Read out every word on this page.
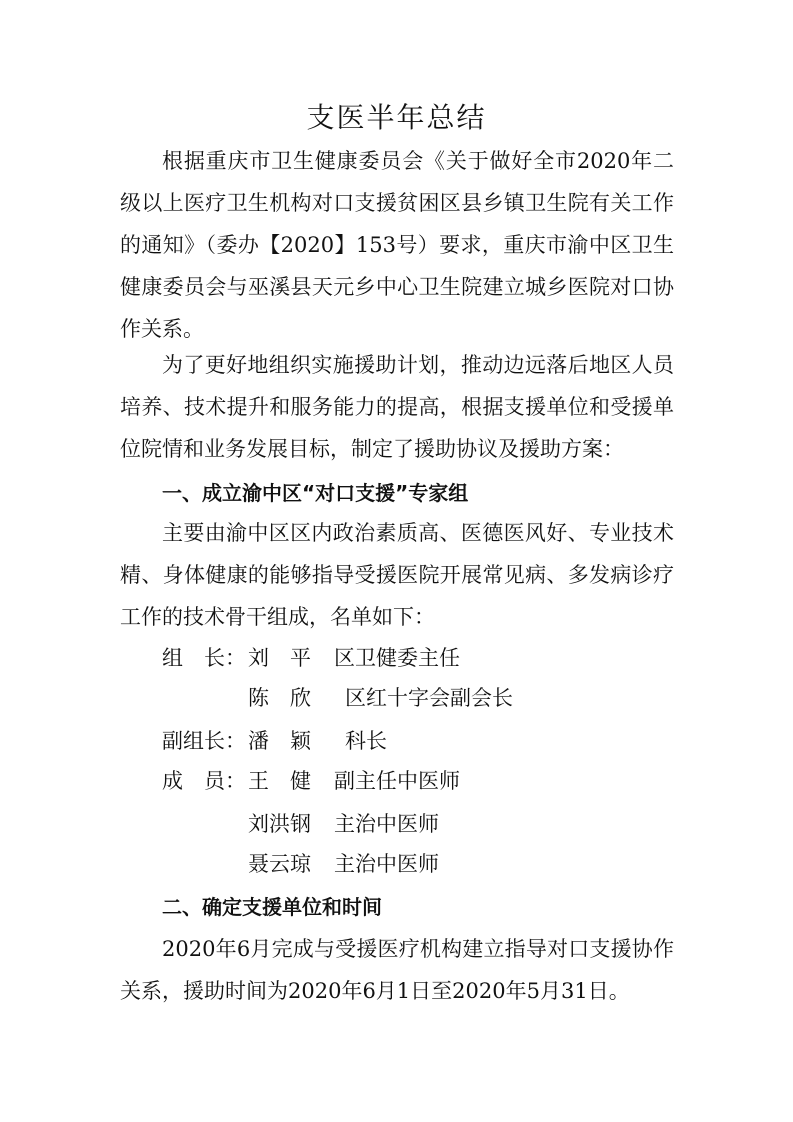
支医半年总结

根据重庆市卫生健康委员会《关于做好全市2020年二级以上医疗卫生机构对口支援贫困区县乡镇卫生院有关工作的通知》（委办【2020】153号）要求，重庆市渝中区卫生健康委员会与巫溪县天元乡中心卫生院建立城乡医院对口协作关系。

为了更好地组织实施援助计划，推动边远落后地区人员培养、技术提升和服务能力的提高，根据支援单位和受援单位院情和业务发展目标，制定了援助协议及援助方案：

一、成立渝中区“对口支援”专家组

主要由渝中区区内政治素质高、医德医风好、专业技术精、身体健康的能够指导受援医院开展常见病、多发病诊疗工作的技术骨干组成，名单如下：

组　长： 刘　平 区卫健委主任
陈　欣 区红十字会副会长
副组长： 潘　颖 科长
成　员： 王　健 副主任中医师
刘洪钢 主治中医师
聂云琼 主治中医师
二、确定支援单位和时间

2020年6月完成与受援医疗机构建立指导对口支援协作关系，援助时间为2020年6月1日至2020年5月31日。
